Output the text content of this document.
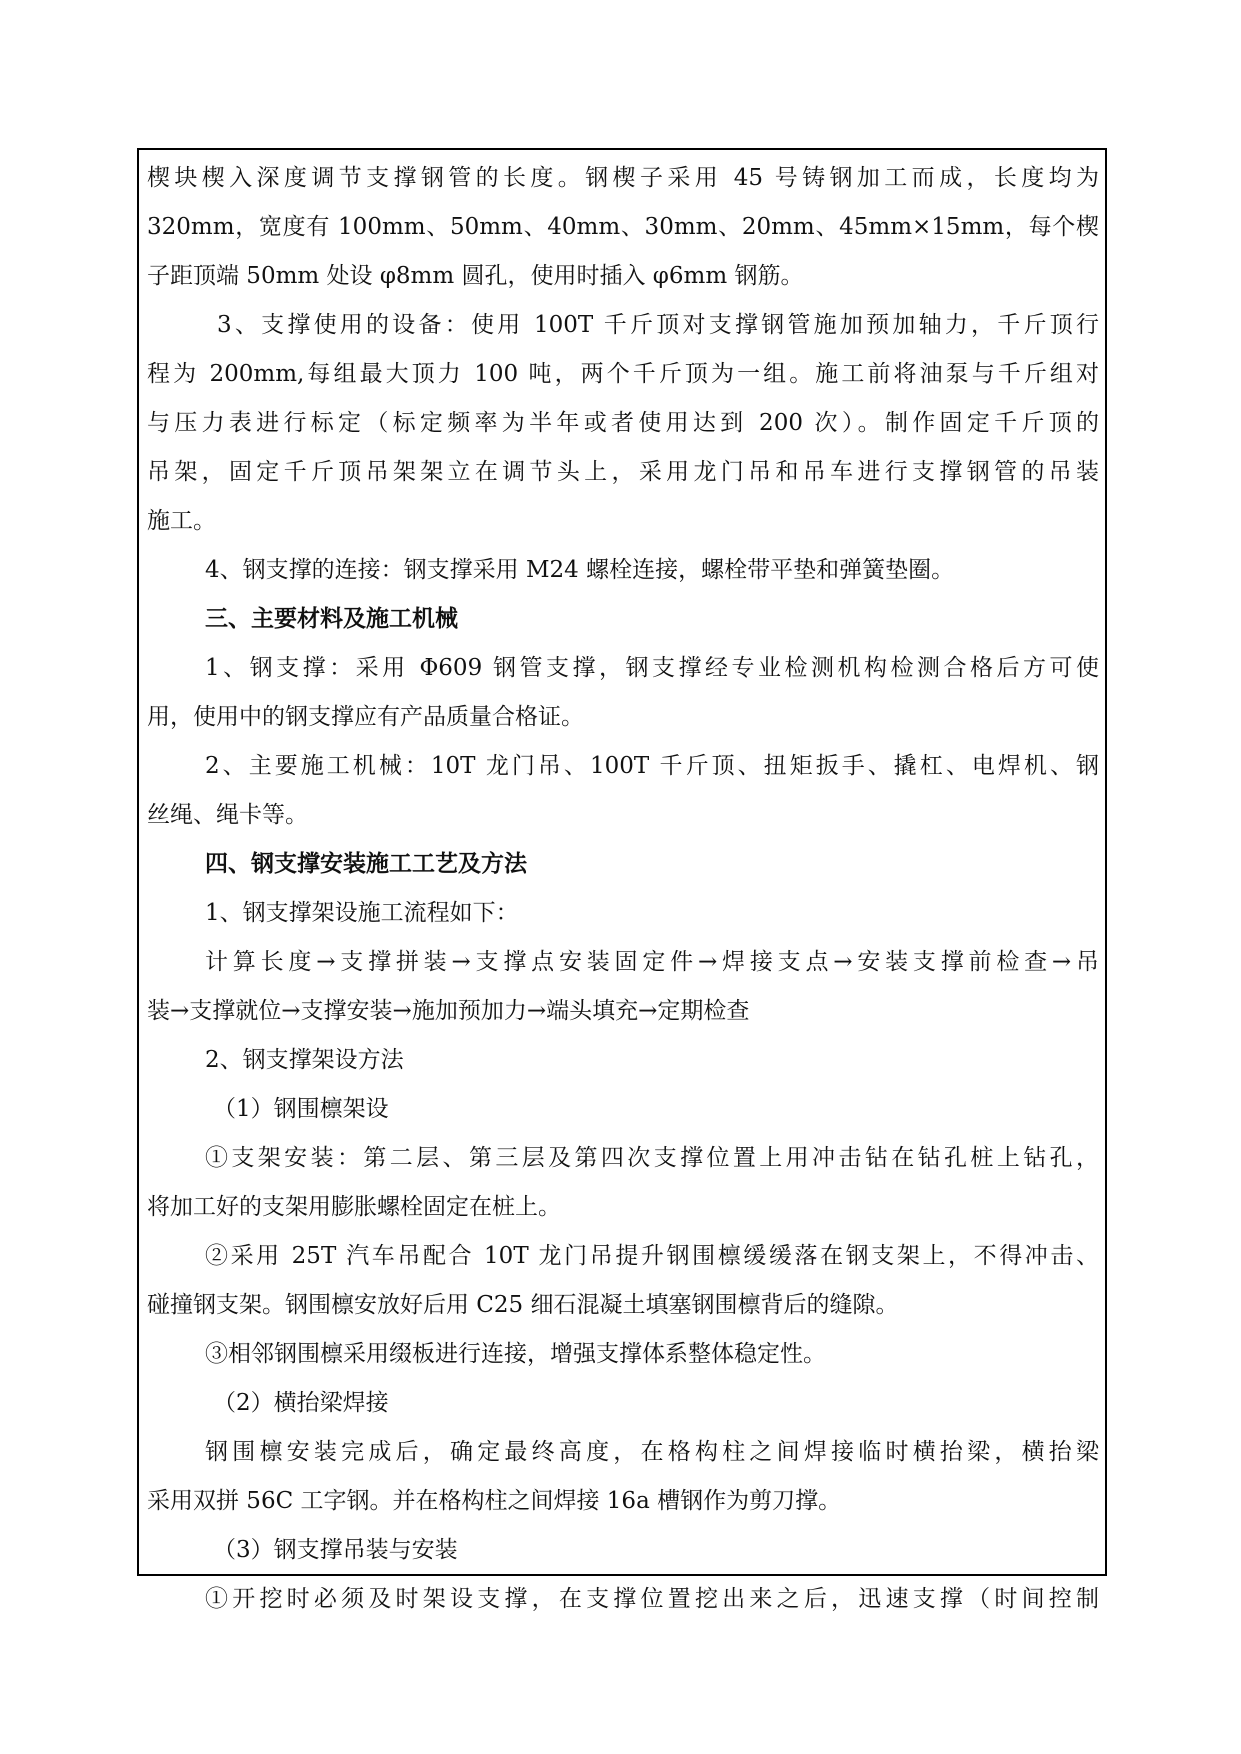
楔块楔入深度调节支撑钢管的长度。钢楔子采用 45 号铸钢加工而成，长度均为
320mm，宽度有 100mm、50mm、40mm、30mm、20mm、45mm×15mm，每个楔
子距顶端 50mm 处设 φ8mm 圆孔，使用时插入 φ6mm 钢筋。
3、支撑使用的设备：使用 100T 千斤顶对支撑钢管施加预加轴力，千斤顶行
程为 200mm,每组最大顶力 100 吨，两个千斤顶为一组。施工前将油泵与千斤组对
与压力表进行标定（标定频率为半年或者使用达到 200 次）。制作固定千斤顶的
吊架，固定千斤顶吊架架立在调节头上，采用龙门吊和吊车进行支撑钢管的吊装
施工。
4、钢支撑的连接：钢支撑采用 M24 螺栓连接，螺栓带平垫和弹簧垫圈。
三、主要材料及施工机械
1、钢支撑：采用 Φ609 钢管支撑，钢支撑经专业检测机构检测合格后方可使
用，使用中的钢支撑应有产品质量合格证。
2、主要施工机械：10T 龙门吊、100T 千斤顶、扭矩扳手、撬杠、电焊机、钢
丝绳、绳卡等。
四、钢支撑安装施工工艺及方法
1、钢支撑架设施工流程如下：
计算长度→支撑拼装→支撑点安装固定件→焊接支点→安装支撑前检查→吊
装→支撑就位→支撑安装→施加预加力→端头填充→定期检查
2、钢支撑架设方法
（1）钢围檩架设
①支架安装：第二层、第三层及第四次支撑位置上用冲击钻在钻孔桩上钻孔，
将加工好的支架用膨胀螺栓固定在桩上。
②采用 25T 汽车吊配合 10T 龙门吊提升钢围檩缓缓落在钢支架上，不得冲击、
碰撞钢支架。钢围檩安放好后用 C25 细石混凝土填塞钢围檩背后的缝隙。
③相邻钢围檩采用缀板进行连接，增强支撑体系整体稳定性。
（2）横抬梁焊接
钢围檩安装完成后，确定最终高度，在格构柱之间焊接临时横抬梁，横抬梁
采用双拼 56C 工字钢。并在格构柱之间焊接 16a 槽钢作为剪刀撑。
（3）钢支撑吊装与安装
①开挖时必须及时架设支撑，在支撑位置挖出来之后，迅速支撑（时间控制
